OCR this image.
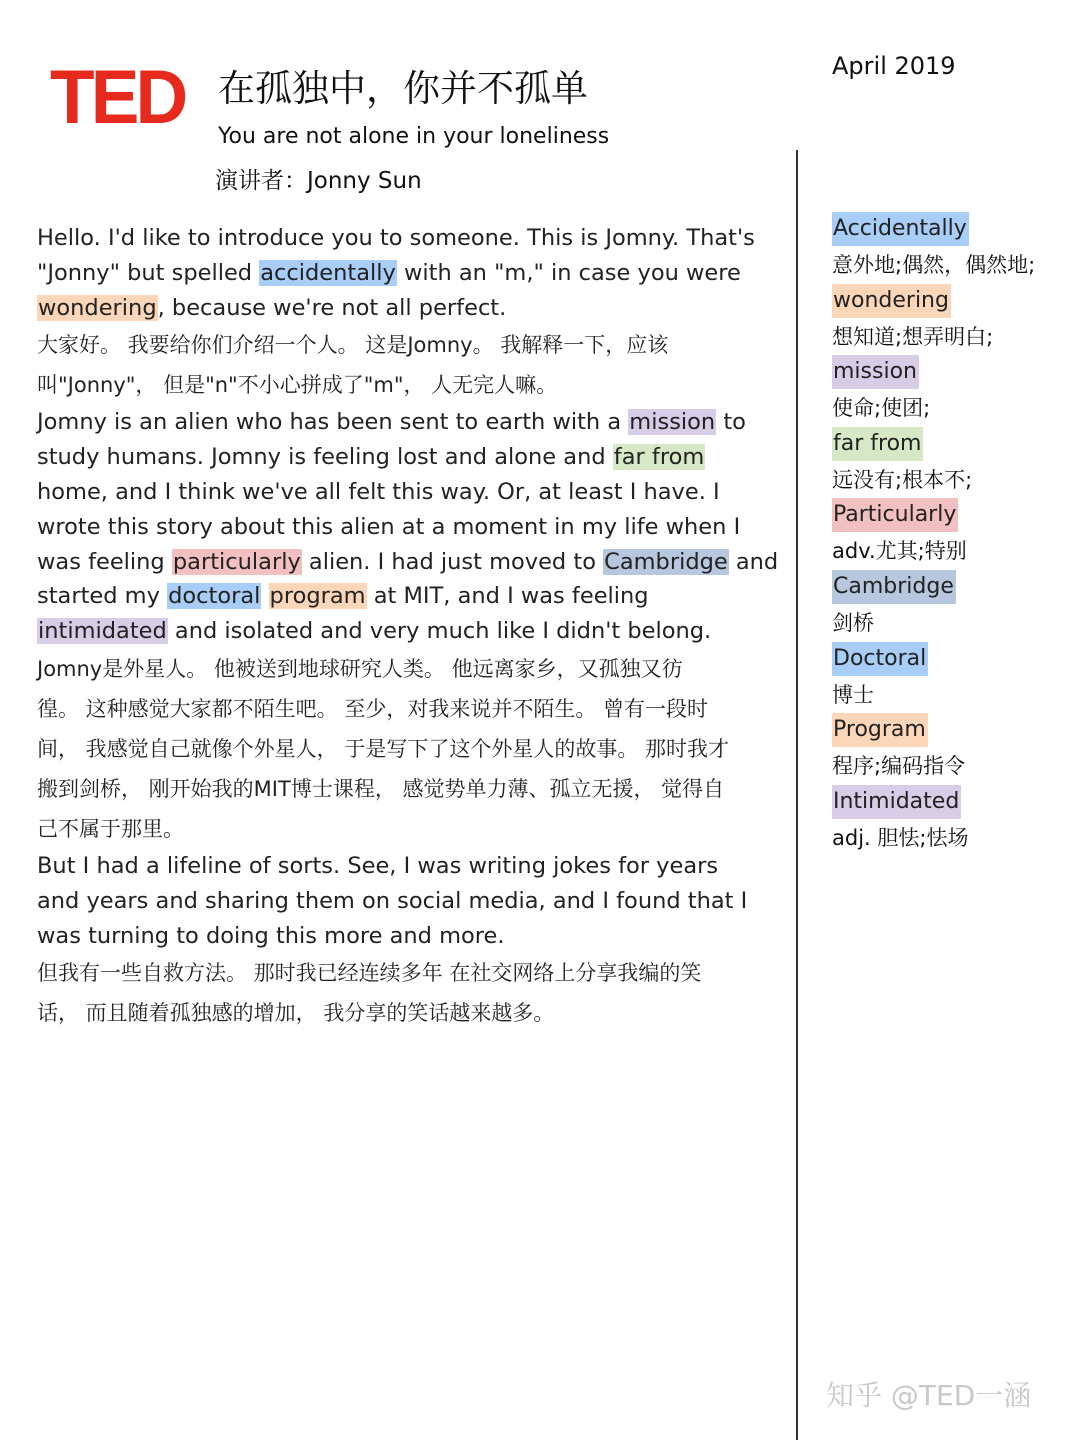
TED 在孤独中，你并不孤单
You are not alone in your loneliness
演讲者：Jonny Sun
April 2019
Hello. I'd like to introduce you to someone. This is Jomny. That's
"Jonny" but spelled accidentally with an "m," in case you were
wondering, because we're not all perfect.
大家好。 我要给你们介绍一个人。 这是Jomny。 我解释一下，应该
叫"Jonny"， 但是"n"不小心拼成了"m"， 人无完人嘛。
Jomny is an alien who has been sent to earth with a mission to
study humans. Jomny is feeling lost and alone and far from
home, and I think we've all felt this way. Or, at least I have. I
wrote this story about this alien at a moment in my life when I
was feeling particularly alien. I had just moved to Cambridge and
started my doctoral program at MIT, and I was feeling
intimidated and isolated and very much like I didn't belong.
Jomny是外星人。 他被送到地球研究人类。 他远离家乡，又孤独又彷
徨。 这种感觉大家都不陌生吧。 至少，对我来说并不陌生。 曾有一段时
间， 我感觉自己就像个外星人， 于是写下了这个外星人的故事。 那时我才
搬到剑桥， 刚开始我的MIT博士课程， 感觉势单力薄、孤立无援， 觉得自
己不属于那里。
But I had a lifeline of sorts. See, I was writing jokes for years
and years and sharing them on social media, and I found that I
was turning to doing this more and more.
但我有一些自救方法。 那时我已经连续多年 在社交网络上分享我编的笑
话， 而且随着孤独感的增加， 我分享的笑话越来越多。
Accidentally
意外地;偶然，偶然地;
wondering
想知道;想弄明白;
mission
使命;使团;
far from
远没有;根本不;
Particularly
adv.尤其;特别
Cambridge
剑桥
Doctoral
博士
Program
程序;编码指令
Intimidated
adj. 胆怯;怯场
知乎 @TED一涵
